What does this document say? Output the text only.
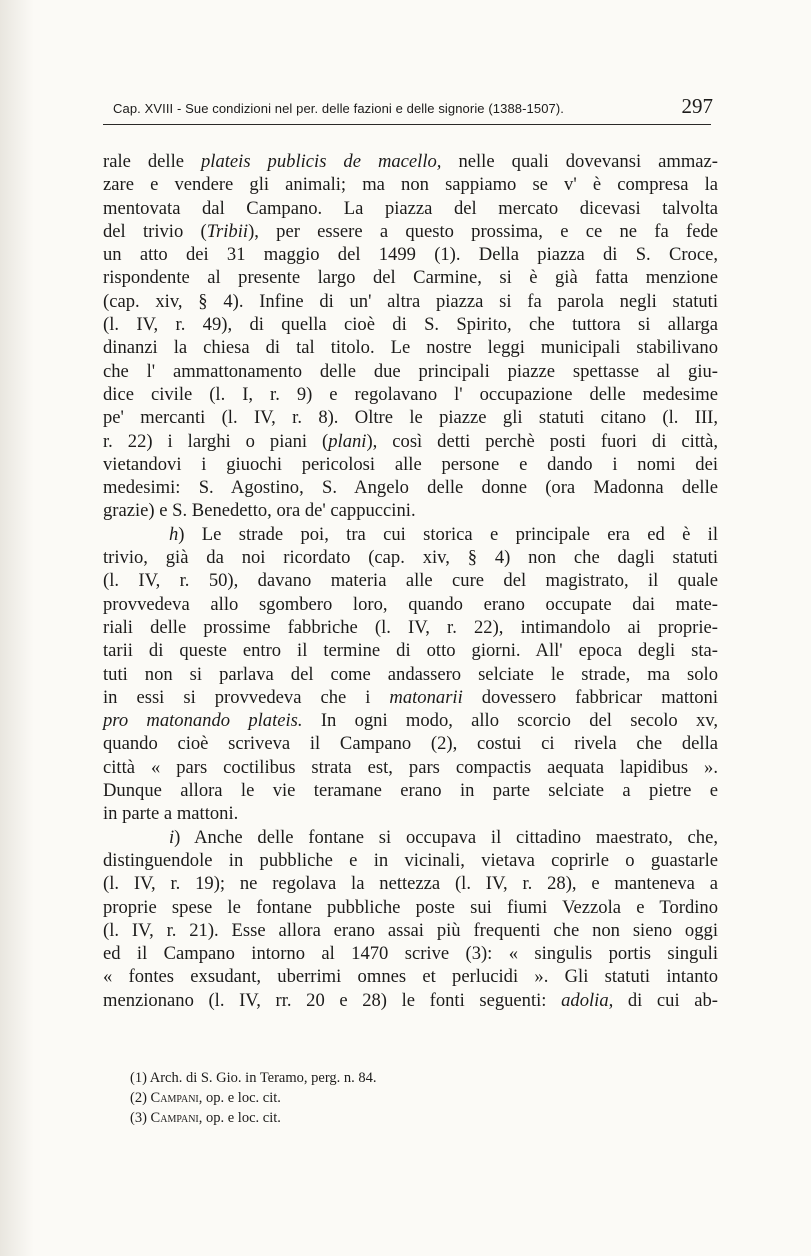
Cap. XVIII - Sue condizioni nel per. delle fazioni e delle signorie (1388-1507).	297
rale delle plateis publicis de macello, nelle quali dovevansi ammaz-
zare e vendere gli animali; ma non sappiamo se v' è compresa la
mentovata dal Campano. La piazza del mercato dicevasi talvolta
del trivio (Tribii), per essere a questo prossima, e ce ne fa fede
un atto dei 31 maggio del 1499 (1). Della piazza di S. Croce,
rispondente al presente largo del Carmine, si è già fatta menzione
(cap. xiv, § 4). Infine di un' altra piazza si fa parola negli statuti
(l. IV, r. 49), di quella cioè di S. Spirito, che tuttora si allarga
dinanzi la chiesa di tal titolo. Le nostre leggi municipali stabilivano
che l' ammattonamento delle due principali piazze spettasse al giu-
dice civile (l. I, r. 9) e regolavano l' occupazione delle medesime
pe' mercanti (l. IV, r. 8). Oltre le piazze gli statuti citano (l. III,
r. 22) i larghi o piani (plani), così detti perchè posti fuori di città,
vietandovi i giuochi pericolosi alle persone e dando i nomi dei
medesimi: S. Agostino, S. Angelo delle donne (ora Madonna delle
grazie) e S. Benedetto, ora de' cappuccini.
h) Le strade poi, tra cui storica e principale era ed è il
trivio, già da noi ricordato (cap. xiv, § 4) non che dagli statuti
(l. IV, r. 50), davano materia alle cure del magistrato, il quale
provvedeva allo sgombero loro, quando erano occupate dai mate-
riali delle prossime fabbriche (l. IV, r. 22), intimandolo ai proprie-
tarii di queste entro il termine di otto giorni. All' epoca degli sta-
tuti non si parlava del come andassero selciate le strade, ma solo
in essi si provvedeva che i matonarii dovessero fabbricar mattoni
pro matonando plateis. In ogni modo, allo scorcio del secolo xv,
quando cioè scriveva il Campano (2), costui ci rivela che della
città « pars coctilibus strata est, pars compactis aequata lapidibus ».
Dunque allora le vie teramane erano in parte selciate a pietre e
in parte a mattoni.
i) Anche delle fontane si occupava il cittadino maestrato, che,
distinguendole in pubbliche e in vicinali, vietava coprirle o guastarle
(l. IV, r. 19); ne regolava la nettezza (l. IV, r. 28), e manteneva a
proprie spese le fontane pubbliche poste sui fiumi Vezzola e Tordino
(l. IV, r. 21). Esse allora erano assai più frequenti che non sieno oggi
ed il Campano intorno al 1470 scrive (3): « singulis portis singuli
« fontes exsudant, uberrimi omnes et perlucidi ». Gli statuti intanto
menzionano (l. IV, rr. 20 e 28) le fonti seguenti: adolia, di cui ab-
(1) Arch. di S. Gio. in Teramo, perg. n. 84.
(2) Campani, op. e loc. cit.
(3) Campani, op. e loc. cit.
